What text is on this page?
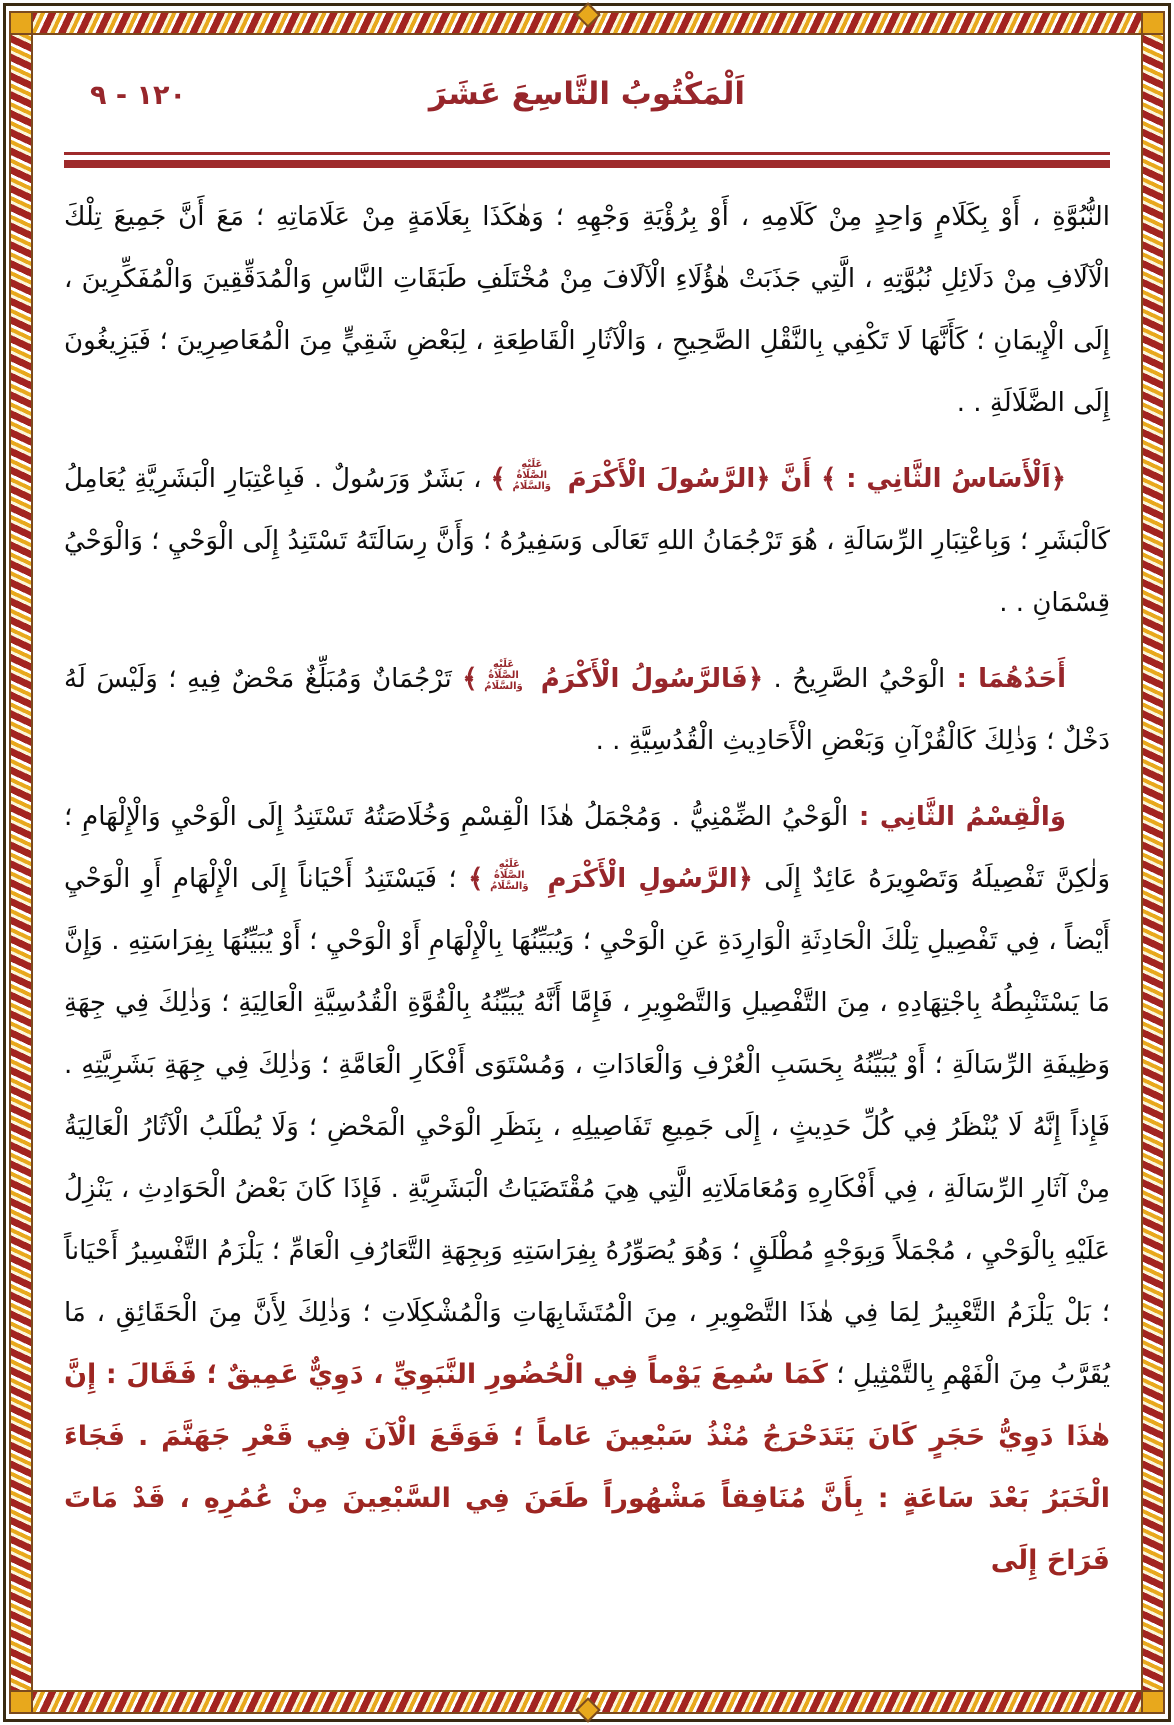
اَلْمَكْتُوبُ التَّاسِعَ عَشَرَ
١٢٠ - ٩

النُّبُوَّةِ ، أَوْ بِكَلَامٍ وَاحِدٍ مِنْ كَلَامِهِ ، أَوْ بِرُؤْيَةِ وَجْهِهِ ؛ وَهٰكَذَا بِعَلَامَةٍ مِنْ عَلَامَاتِهِ ؛ مَعَ أَنَّ جَمِيعَ تِلْكَ الْآلَافِ مِنْ دَلَائِلِ نُبُوَّتِهِ ، الَّتِي جَذَبَتْ هٰؤُلَاءِ الْآلَافَ مِنْ مُخْتَلَفِ طَبَقَاتِ النَّاسِ وَالْمُدَقِّقِينَ وَالْمُفَكِّرِينَ ، إِلَى الْإِيمَانِ ؛ كَأَنَّهَا لَا تَكْفِي بِالنَّقْلِ الصَّحِيحِ ، وَالْآثَارِ الْقَاطِعَةِ ، لِبَعْضِ شَقِيٍّ مِنَ الْمُعَاصِرِينَ ؛ فَيَزِيغُونَ إِلَى الضَّلَالَةِ . .

﴿اَلْأَسَاسُ الثَّانِي : ﴾ أَنَّ ﴿الرَّسُولَ الْأَكْرَمَ عَلَيْهِ الصَّلَاةُ وَالسَّلَامُ﴾ ، بَشَرٌ وَرَسُولٌ . فَبِاعْتِبَارِ الْبَشَرِيَّةِ يُعَامِلُ كَالْبَشَرِ ؛ وَبِاعْتِبَارِ الرِّسَالَةِ ، هُوَ تَرْجُمَانُ اللهِ تَعَالَى وَسَفِيرُهُ ؛ وَأَنَّ رِسَالَتَهُ تَسْتَنِدُ إِلَى الْوَحْيِ ؛ وَالْوَحْيُ قِسْمَانِ . .

أَحَدُهُمَا : الْوَحْيُ الصَّرِيحُ . ﴿فَالرَّسُولُ الْأَكْرَمُ عَلَيْهِ الصَّلَاةُ وَالسَّلَامُ﴾ تَرْجُمَانٌ وَمُبَلِّغٌ مَحْضٌ فِيهِ ؛ وَلَيْسَ لَهُ دَخْلٌ ؛ وَذٰلِكَ كَالْقُرْآنِ وَبَعْضِ الْأَحَادِيثِ الْقُدُسِيَّةِ . .

وَالْقِسْمُ الثَّانِي : الْوَحْيُ الضِّمْنِيُّ . وَمُجْمَلُ هٰذَا الْقِسْمِ وَخُلَاصَتُهُ تَسْتَنِدُ إِلَى الْوَحْيِ وَالْإِلْهَامِ ؛ وَلٰكِنَّ تَفْصِيلَهُ وَتَصْوِيرَهُ عَائِدٌ إِلَى ﴿الرَّسُولِ الْأَكْرَمِ عَلَيْهِ الصَّلَاةُ وَالسَّلَامُ﴾ ؛ فَيَسْتَنِدُ أَحْيَاناً إِلَى الْإِلْهَامِ أَوِ الْوَحْيِ أَيْضاً ، فِي تَفْصِيلِ تِلْكَ الْحَادِثَةِ الْوَارِدَةِ عَنِ الْوَحْيِ ؛ وَيُبَيِّنُهَا بِالْإِلْهَامِ أَوْ الْوَحْيِ ؛ أَوْ يُبَيِّنُهَا بِفِرَاسَتِهِ . وَإِنَّ مَا يَسْتَنْبِطُهُ بِاجْتِهَادِهِ ، مِنَ التَّفْصِيلِ وَالتَّصْوِيرِ ، فَإِمَّا أَنَّهُ يُبَيِّنُهُ بِالْقُوَّةِ الْقُدُسِيَّةِ الْعَالِيَةِ ؛ وَذٰلِكَ فِي جِهَةِ وَظِيفَةِ الرِّسَالَةِ ؛ أَوْ يُبَيِّنُهُ بِحَسَبِ الْعُرْفِ وَالْعَادَاتِ ، وَمُسْتَوَى أَفْكَارِ الْعَامَّةِ ؛ وَذٰلِكَ فِي جِهَةِ بَشَرِيَّتِهِ . فَإِذاً إِنَّهُ لَا يُنْظَرُ فِي كُلِّ حَدِيثٍ ، إِلَى جَمِيعِ تَفَاصِيلِهِ ، بِنَظَرِ الْوَحْيِ الْمَحْضِ ؛ وَلَا يُطْلَبُ الْآثَارُ الْعَالِيَةُ مِنْ آثَارِ الرِّسَالَةِ ، فِي أَفْكَارِهِ وَمُعَامَلَاتِهِ الَّتِي هِيَ مُقْتَضَيَاتُ الْبَشَرِيَّةِ . فَإِذَا كَانَ بَعْضُ الْحَوَادِثِ ، يَنْزِلُ عَلَيْهِ بِالْوَحْيِ ، مُجْمَلاً وَبِوَجْهٍ مُطْلَقٍ ؛ وَهُوَ يُصَوِّرُهُ بِفِرَاسَتِهِ وَبِجِهَةِ التَّعَارُفِ الْعَامِّ ؛ يَلْزَمُ التَّفْسِيرُ أَحْيَاناً ؛ بَلْ يَلْزَمُ التَّعْبِيرُ لِمَا فِي هٰذَا التَّصْوِيرِ ، مِنَ الْمُتَشَابِهَاتِ وَالْمُشْكِلَاتِ ؛ وَذٰلِكَ لِأَنَّ مِنَ الْحَقَائِقِ ، مَا يُقَرَّبُ مِنَ الْفَهْمِ بِالتَّمْثِيلِ ؛ كَمَا سُمِعَ يَوْماً فِي الْحُضُورِ النَّبَوِيِّ ، دَوِيٌّ عَمِيقٌ ؛ فَقَالَ : إِنَّ هٰذَا دَوِيُّ حَجَرٍ كَانَ يَتَدَحْرَجُ مُنْذُ سَبْعِينَ عَاماً ؛ فَوَقَعَ الْآنَ فِي قَعْرِ جَهَنَّمَ . فَجَاءَ الْخَبَرُ بَعْدَ سَاعَةٍ : بِأَنَّ مُنَافِقاً مَشْهُوراً طَعَنَ فِي السَّبْعِينَ مِنْ عُمُرِهِ ، قَدْ مَاتَ فَرَاحَ إِلَى
